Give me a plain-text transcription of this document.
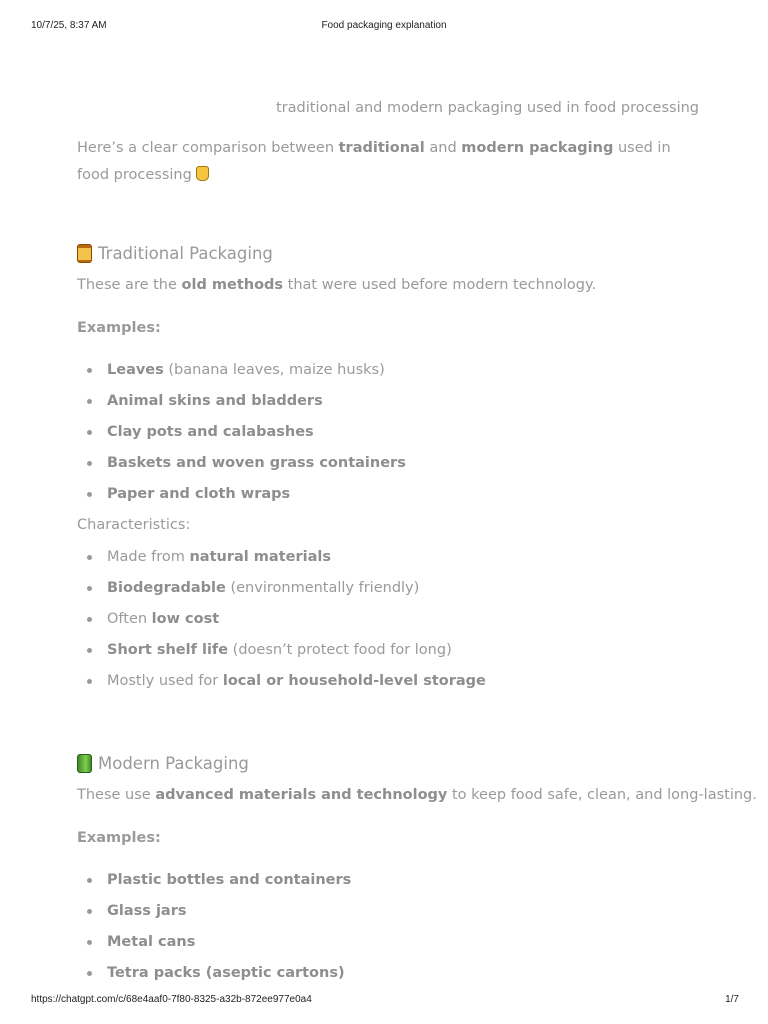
10/7/25, 8:37 AM	Food packaging explanation
traditional and modern packaging used in food processing
Here’s a clear comparison between traditional and modern packaging used in food processing
Traditional Packaging
These are the old methods that were used before modern technology.
Examples:
Leaves (banana leaves, maize husks)
Animal skins and bladders
Clay pots and calabashes
Baskets and woven grass containers
Paper and cloth wraps
Characteristics:
Made from natural materials
Biodegradable (environmentally friendly)
Often low cost
Short shelf life (doesn’t protect food for long)
Mostly used for local or household-level storage
Modern Packaging
These use advanced materials and technology to keep food safe, clean, and long-lasting.
Examples:
Plastic bottles and containers
Glass jars
Metal cans
Tetra packs (aseptic cartons)
https://chatgpt.com/c/68e4aaf0-7f80-8325-a32b-872ee977e0a4	1/7
